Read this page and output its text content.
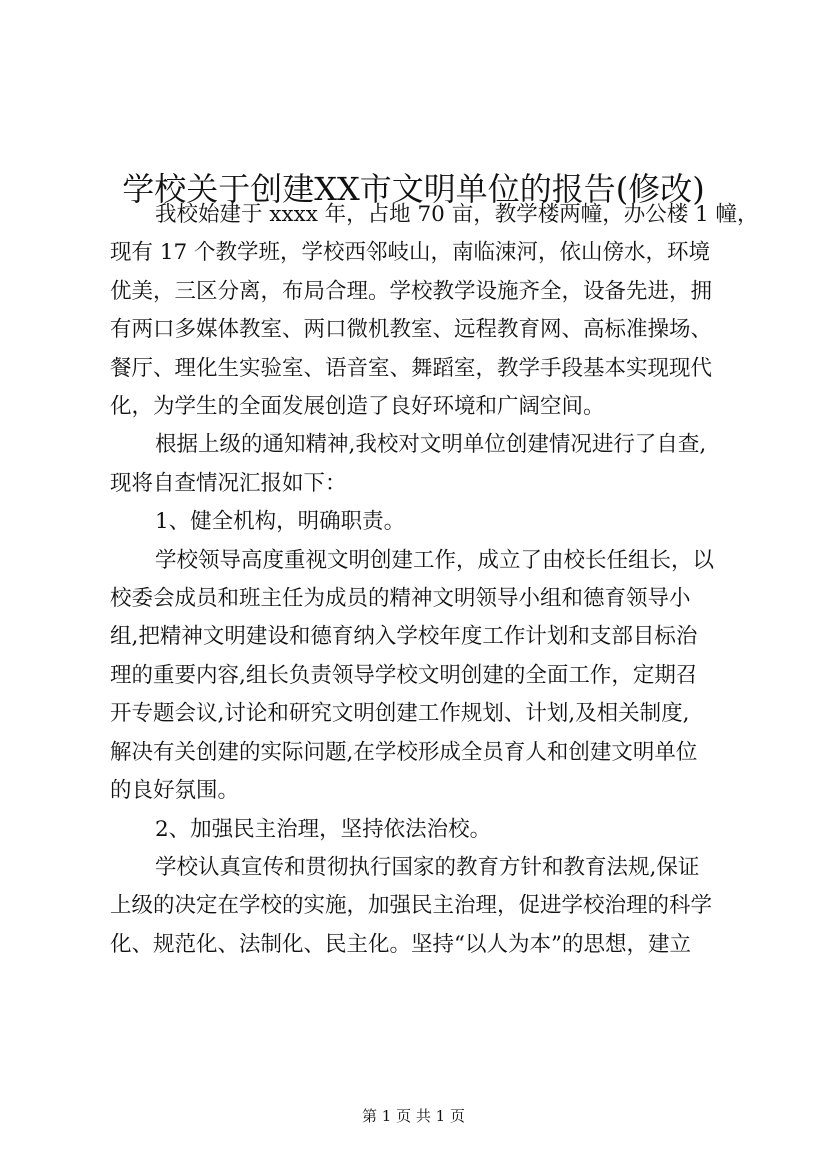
学校关于创建XX市文明单位的报告(修改)

我校始建于 xxxx 年，占地 70 亩，教学楼两幢，办公楼 1 幢，
现有 17 个教学班，学校西邻岐山，南临涑河，依山傍水，环境
优美，三区分离，布局合理。学校教学设施齐全，设备先进，拥
有两口多媒体教室、两口微机教室、远程教育网、高标准操场、
餐厅、理化生实验室、语音室、舞蹈室，教学手段基本实现现代
化，为学生的全面发展创造了良好环境和广阔空间。

根据上级的通知精神,我校对文明单位创建情况进行了自查,
现将自查情况汇报如下：

1、健全机构，明确职责。

学校领导高度重视文明创建工作，成立了由校长任组长，以
校委会成员和班主任为成员的精神文明领导小组和德育领导小
组,把精神文明建设和德育纳入学校年度工作计划和支部目标治
理的重要内容,组长负责领导学校文明创建的全面工作，定期召
开专题会议,讨论和研究文明创建工作规划、计划,及相关制度,
解决有关创建的实际问题,在学校形成全员育人和创建文明单位
的良好氛围。

2、加强民主治理，坚持依法治校。

学校认真宣传和贯彻执行国家的教育方针和教育法规,保证
上级的决定在学校的实施，加强民主治理，促进学校治理的科学
化、规范化、法制化、民主化。坚持“以人为本”的思想，建立

第 1 页 共 1 页
